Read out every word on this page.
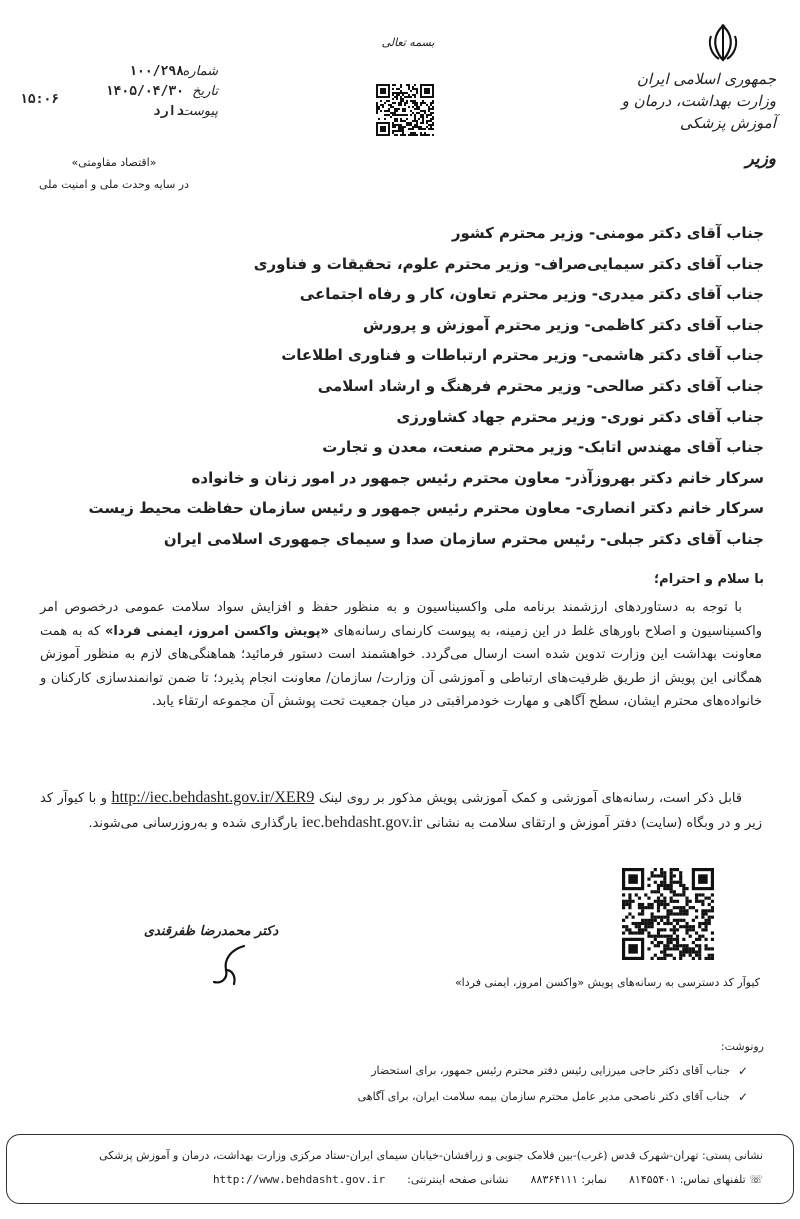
جمهوری اسلامی ایران
وزارت بهداشت، درمان و آموزش پزشکی
وزیر
بسمه تعالی
شماره
۱۰۰/۲۹۸
تاریخ
۱۴۰۵/۰۴/۳۰
پیوست
دارد
۱۵:۰۶
«اقتصاد مقاومتی»
در سایه وحدت ملی و امنیت ملی
جناب آقای دکتر مومنی- وزیر محترم کشور
جناب آقای دکتر سیمایی‌صراف- وزیر محترم علوم، تحقیقات و فناوری
جناب آقای دکتر میدری- وزیر محترم تعاون، کار و رفاه اجتماعی
جناب آقای دکتر کاظمی- وزیر محترم آموزش و پرورش
جناب آقای دکتر هاشمی- وزیر محترم ارتباطات و فناوری اطلاعات
جناب آقای دکتر صالحی- وزیر محترم فرهنگ و ارشاد اسلامی
جناب آقای دکتر نوری- وزیر محترم جهاد کشاورزی
جناب آقای مهندس اتابک- وزیر محترم صنعت، معدن و تجارت
سرکار خانم دکتر بهروزآذر- معاون محترم رئیس جمهور در امور زنان و خانواده
سرکار خانم دکتر انصاری- معاون محترم رئیس جمهور و رئیس سازمان حفاظت محیط زیست
جناب آقای دکتر جبلی- رئیس محترم سازمان صدا و سیمای جمهوری اسلامی ایران
با سلام و احترام؛
با توجه به دستاوردهای ارزشمند برنامه ملی واکسیناسیون و به منظور حفظ و افزایش سواد سلامت عمومی درخصوص امر واکسیناسیون و اصلاح باورهای غلط در این زمینه، به پیوست کارنمای رسانه‌های «پویش واکسن امروز، ایمنی فردا» که به همت معاونت بهداشت این وزارت تدوین شده است ارسال می‌گردد. خواهشمند است دستور فرمائید؛ هماهنگی‌های لازم به منظور آموزش همگانی این پویش از طریق ظرفیت‌های ارتباطی و آموزشی آن وزارت/ سازمان/ معاونت انجام پذیرد؛ تا ضمن توانمندسازی کارکنان و خانواده‌های محترم ایشان، سطح آگاهی و مهارت خودمراقبتی در میان جمعیت تحت پوشش آن مجموعه ارتقاء یابد.
قابل ذکر است، رسانه‌های آموزشی و کمک آموزشی پویش مذکور بر روی لینک http://iec.behdasht.gov.ir/XER9 و با کیوآر کد زیر و در وبگاه (سایت) دفتر آموزش و ارتقای سلامت به نشانی iec.behdasht.gov.ir بارگذاری شده و به‌روزرسانی می‌شوند.
دکتر محمدرضا ظفرقندی
کیوآر کد دسترسی به رسانه‌های پویش «واکسن امروز، ایمنی فردا»
رونوشت:
✓
جناب آقای دکتر حاجی میرزایی رئیس دفتر محترم رئیس جمهور، برای استحضار
✓
جناب آقای دکتر ناصحی مدیر عامل محترم سازمان بیمه سلامت ایران، برای آگاهی
نشانی پستی: تهران-شهرک قدس (غرب)-بین فلامک جنوبی و زرافشان-خیابان سیمای ایران-ستاد مرکزی وزارت بهداشت، درمان و آموزش پزشکی
☏ تلفنهای تماس: ۸۱۴۵۵۴۰۱
نمابر: ۸۸۳۶۴۱۱۱
نشانی صفحه اینترنتی:
http://www.behdasht.gov.ir
